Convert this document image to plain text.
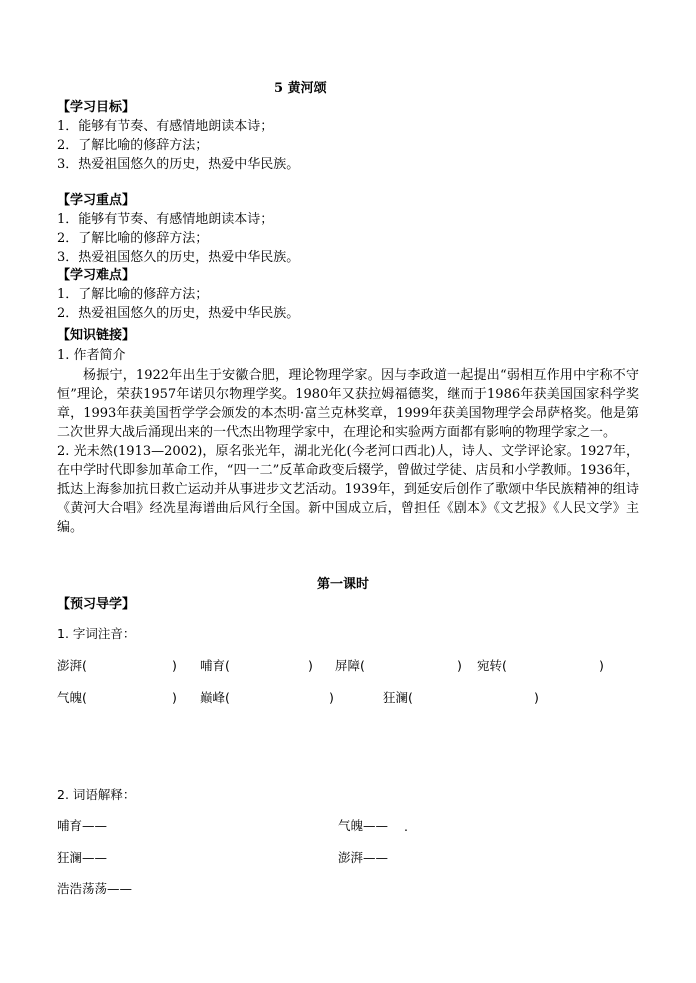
5 黄河颂
【学习目标】
1．能够有节奏、有感情地朗读本诗；
2．了解比喻的修辞方法；
3．热爱祖国悠久的历史，热爱中华民族。
【学习重点】
1．能够有节奏、有感情地朗读本诗；
2．了解比喻的修辞方法；
3．热爱祖国悠久的历史，热爱中华民族。
【学习难点】
1．了解比喻的修辞方法；
2．热爱祖国悠久的历史，热爱中华民族。
【知识链接】
1. 作者简介
杨振宁，1922年出生于安徽合肥，理论物理学家。因与李政道一起提出“弱相互作用中宇称不守恒”理论，荣获1957年诺贝尔物理学奖。1980年又获拉姆福德奖，继而于1986年获美国国家科学奖章，1993年获美国哲学学会颁发的本杰明·富兰克林奖章，1999年获美国物理学会昂萨格奖。他是第二次世界大战后涌现出来的一代杰出物理学家中，在理论和实验两方面都有影响的物理学家之一。
2. 光未然(1913—2002)，原名张光年，湖北光化(今老河口西北)人，诗人、文学评论家。1927年，在中学时代即参加革命工作，“四一二”反革命政变后辍学，曾做过学徒、店员和小学教师。1936年，抵达上海参加抗日救亡运动并从事进步文艺活动。1939年，到延安后创作了歌颂中华民族精神的组诗《黄河大合唱》经冼星海谱曲后风行全国。新中国成立后，曾担任《剧本》《文艺报》《人民文学》主编。
第一课时
【预习导学】
1. 字词注音：
澎湃(	) 哺育(	) 屏障(	) 宛转(	)
气魄(	) 巅峰(	)	狂澜(	)
2. 词语解释：
哺育——	气魄—— .
狂澜——	澎湃——
浩浩荡荡——
